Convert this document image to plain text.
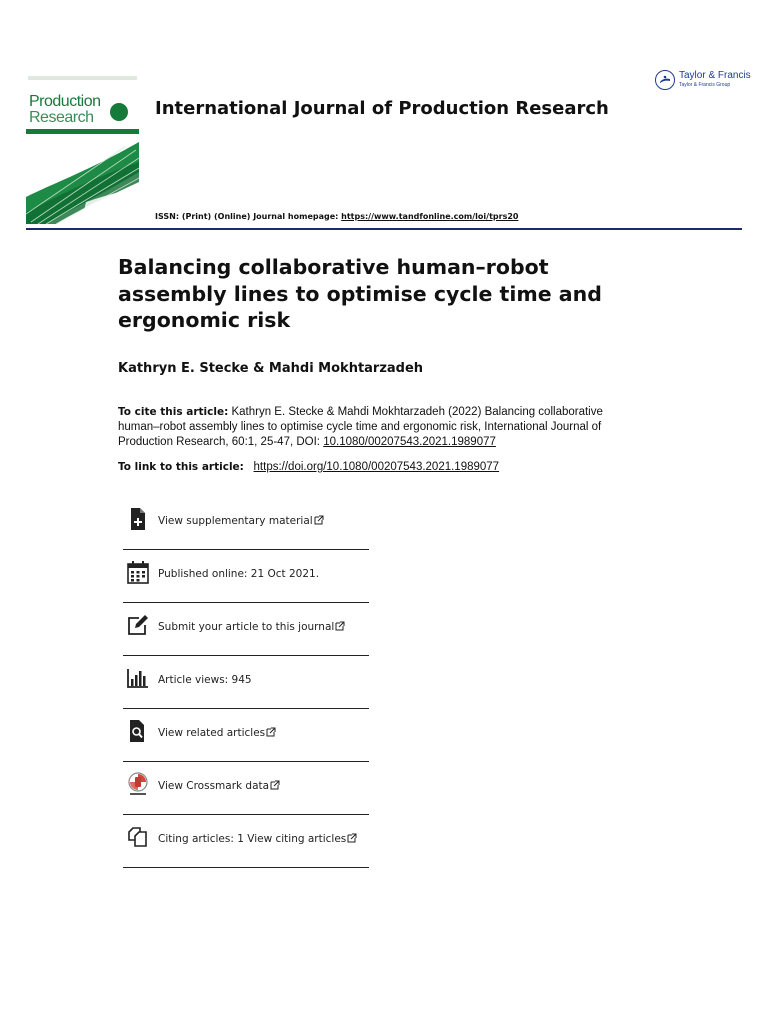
Production
Research	International Journal of Production Research
Taylor & Francis
Taylor & Francis Group
ISSN: (Print) (Online) Journal homepage: https://www.tandfonline.com/loi/tprs20
Balancing collaborative human–robot assembly lines to optimise cycle time and ergonomic risk
Kathryn E. Stecke & Mahdi Mokhtarzadeh
To cite this article: Kathryn E. Stecke & Mahdi Mokhtarzadeh (2022) Balancing collaborative human–robot assembly lines to optimise cycle time and ergonomic risk, International Journal of Production Research, 60:1, 25-47, DOI: 10.1080/00207543.2021.1989077
To link to this article: https://doi.org/10.1080/00207543.2021.1989077
View supplementary material
Published online: 21 Oct 2021.
Submit your article to this journal
Article views: 945
View related articles
View Crossmark data
Citing articles: 1 View citing articles
